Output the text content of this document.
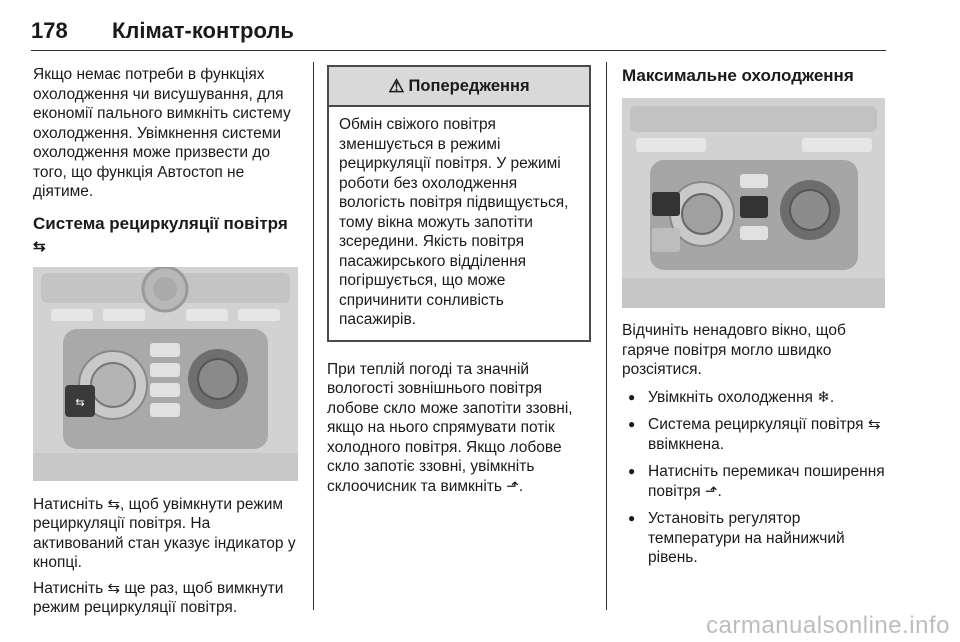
178 Клімат-контроль

Якщо немає потреби в функціях охолодження чи висушування, для економії пального вимкніть систему охолодження. Увімкнення системи охолодження може призвести до того, що функція Автостоп не діятиме.

Система рециркуляції повітря ⇆
⇆

Натисніть ⇆, щоб увімкнути режим рециркуляції повітря. На активований стан указує індикатор у кнопці.

Натисніть ⇆ ще раз, щоб вимкнути режим рециркуляції повітря.

⚠ Попередження

Обмін свіжого повітря зменшується в режимі рециркуляції повітря. У режимі роботи без охолодження вологість повітря підвищується, тому вікна можуть запотіти зсередини. Якість повітря пасажирського відділення погіршується, що може спричинити сонливість пасажирів.

При теплій погоді та значній вологості зовнішнього повітря лобове скло може запотіти ззовні, якщо на нього спрямувати потік холодного повітря. Якщо лобове скло запотіє ззовні, увімкніть склоочисник та вимкніть ⬏.

Максимальне охолодження

Відчиніть ненадовго вікно, щоб гаряче повітря могло швидко розсіятися.

● Увімкніть охолодження ❄.
● Система рециркуляції повітря ⇆ ввімкнена.
● Натисніть перемикач поширення повітря ⬏.
● Установіть регулятор температури на найнижчий рівень.
carmanualsonline.info
